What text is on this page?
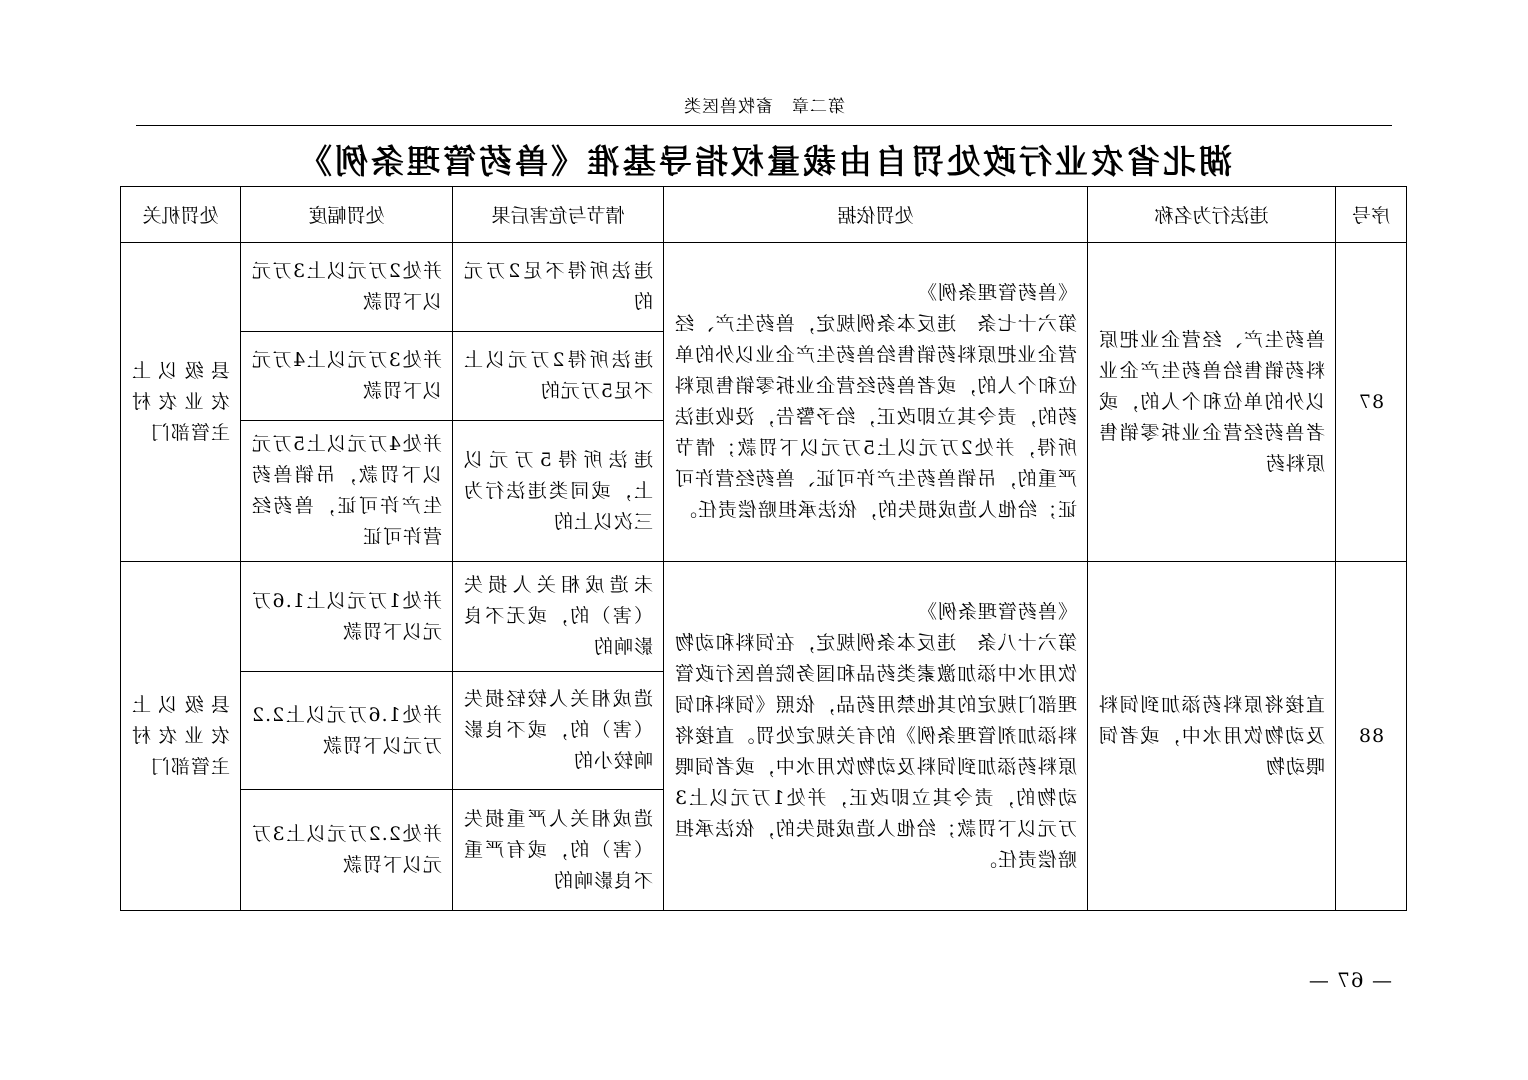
第二章　畜牧兽医类
湖北省农业行政处罚自由裁量权指导基准《兽药管理条例》
序号	违法行为名称	处罚依据	情节与危害后果	处罚幅度	处罚机关
87	兽药生产、经营企业把原料药销售给兽药生产企业以外的单位和个人的，或者兽药经营企业拆零销售原料药	《兽药管理条例》
第六十七条　违反本条例规定，兽药生产、经营企业把原料药销售给兽药生产企业以外的单位和个人的，或者兽药经营企业拆零销售原料药的，责令其立即改正，给予警告，没收违法所得，并处2万元以上5万元以下罚款；情节严重的，吊销兽药生产许可证、兽药经营许可证；给他人造成损失的，依法承担赔偿责任。	违法所得不足2万元的	并处2万元以上3万元以下罚款	县级以上农业农村主管部门
			违法所得2万元以上不足5万元的	并处3万元以上4万元以下罚款	
			违法所得5万元以上，或同类违法行为三次以上的	并处4万元以上5万元以下罚款，吊销兽药生产许可证，兽药经营许可证	
88	直接将原料药添加到饲料及动物饮用水中，或者饲喂动物	《兽药管理条例》
第六十八条　违反本条例规定，在饲料和动物饮用水中添加激素类药品和国务院兽医行政管理部门规定的其他禁用药品，依照《饲料和饲料添加剂管理条例》的有关规定处罚。直接将原料药添加到饲料及动物饮用水中，或者饲喂动物的，责令其立即改正，并处1万元以上3万元以下罚款；给他人造成损失的，依法承担赔偿责任。	未造成相关人损失（害）的，或无不良影响的	并处1万元以上1.6万元以下罚款	县级以上农业农村主管部门
			造成相关人较轻损失（害）的，或不良影响较小的	并处1.6万元以上2.2万元以下罚款	
			造成相关人严重损失（害）的，或有严重不良影响的	并处2.2万元以上3万元以下罚款	
— 67 —
